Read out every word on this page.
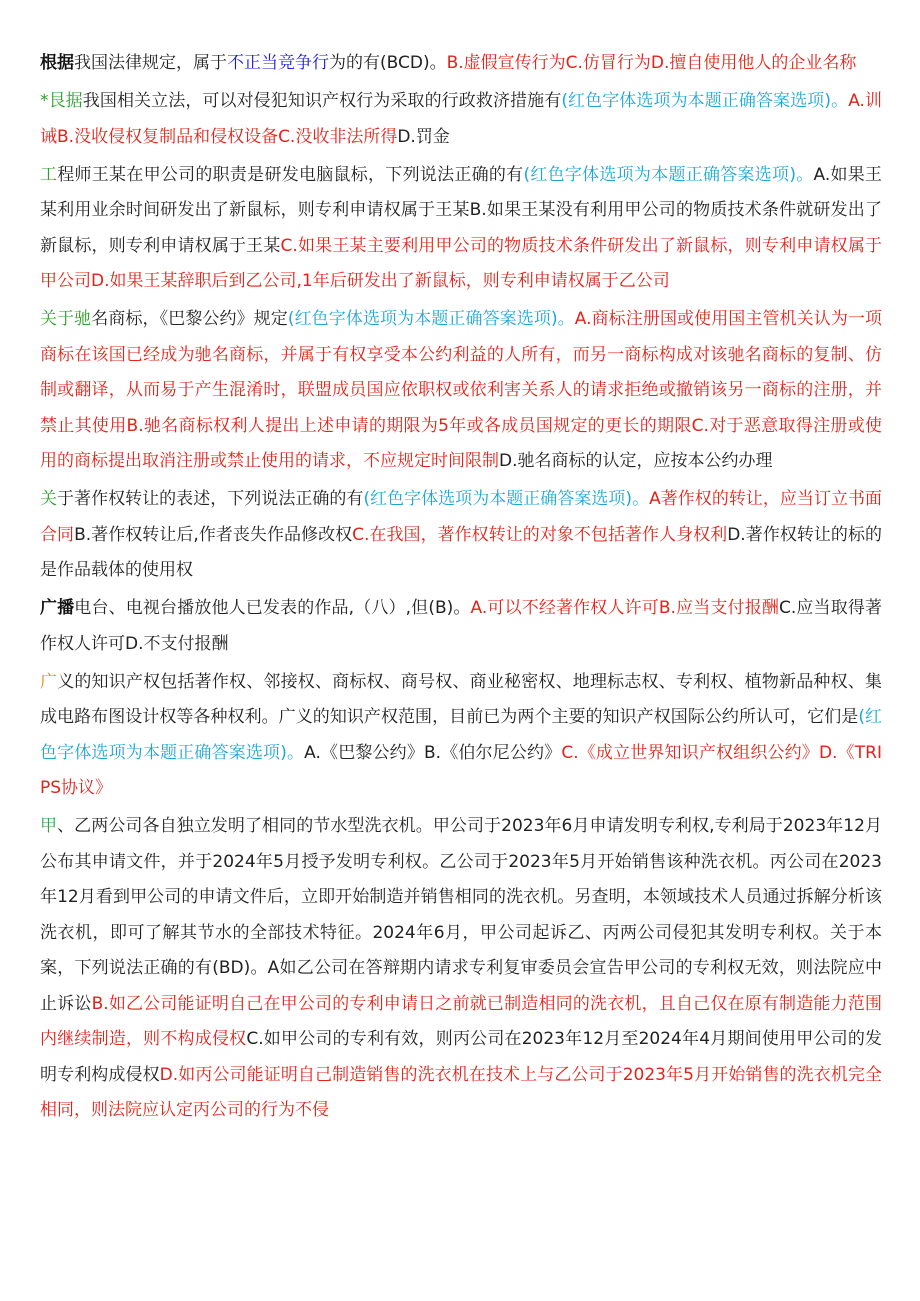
根据我国法律规定，属于不正当竞争行为的有(BCD)。B.虚假宣传行为C.仿冒行为D.擅自使用他人的企业名称

*艮据我国相关立法，可以对侵犯知识产权行为采取的行政救济措施有(红色字体选项为本题正确答案选项)。A.训诫B.没收侵权复制品和侵权设备C.没收非法所得D.罚金

工程师王某在甲公司的职责是研发电脑鼠标，下列说法正确的有(红色字体选项为本题正确答案选项)。A.如果王某利用业余时间研发出了新鼠标，则专利申请权属于王某B.如果王某没有利用甲公司的物质技术条件就研发出了新鼠标，则专利申请权属于王某C.如果王某主要利用甲公司的物质技术条件研发出了新鼠标，则专利申请权属于甲公司D.如果王某辞职后到乙公司,1年后研发出了新鼠标，则专利申请权属于乙公司

关于驰名商标，《巴黎公约》规定(红色字体选项为本题正确答案选项)。A.商标注册国或使用国主管机关认为一项商标在该国已经成为驰名商标，并属于有权享受本公约利益的人所有，而另一商标构成对该驰名商标的复制、仿制或翻译，从而易于产生混淆时，联盟成员国应依职权或依利害关系人的请求拒绝或撤销该另一商标的注册，并禁止其使用B.驰名商标权利人提出上述申请的期限为5年或各成员国规定的更长的期限C.对于恶意取得注册或使用的商标提出取消注册或禁止使用的请求，不应规定时间限制D.驰名商标的认定，应按本公约办理

关于著作权转让的表述，下列说法正确的有(红色字体选项为本题正确答案选项)。A著作权的转让，应当订立书面合同B.著作权转让后,作者丧失作品修改权C.在我国，著作权转让的对象不包括著作人身权利D.著作权转让的标的是作品载体的使用权

广播电台、电视台播放他人已发表的作品,（八）,但(B)。A.可以不经著作权人许可B.应当支付报酬C.应当取得著作权人许可D.不支付报酬

广义的知识产权包括著作权、邻接权、商标权、商号权、商业秘密权、地理标志权、专利权、植物新品种权、集成电路布图设计权等各种权利。广义的知识产权范围，目前已为两个主要的知识产权国际公约所认可，它们是(红色字体选项为本题正确答案选项)。A.《巴黎公约》B.《伯尔尼公约》C.《成立世界知识产权组织公约》D.《TRIPS协议》

甲、乙两公司各自独立发明了相同的节水型洗衣机。甲公司于2023年6月申请发明专利权,专利局于2023年12月公布其申请文件，并于2024年5月授予发明专利权。乙公司于2023年5月开始销售该种洗衣机。丙公司在2023年12月看到甲公司的申请文件后，立即开始制造并销售相同的洗衣机。另查明，本领域技术人员通过拆解分析该洗衣机，即可了解其节水的全部技术特征。2024年6月，甲公司起诉乙、丙两公司侵犯其发明专利权。关于本案，下列说法正确的有(BD)。A如乙公司在答辩期内请求专利复审委员会宣告甲公司的专利权无效，则法院应中止诉讼B.如乙公司能证明自己在甲公司的专利申请日之前就已制造相同的洗衣机，且自己仅在原有制造能力范围内继续制造，则不构成侵权C.如甲公司的专利有效，则丙公司在2023年12月至2024年4月期间使用甲公司的发明专利构成侵权D.如丙公司能证明自己制造销售的洗衣机在技术上与乙公司于2023年5月开始销售的洗衣机完全相同，则法院应认定丙公司的行为不侵
